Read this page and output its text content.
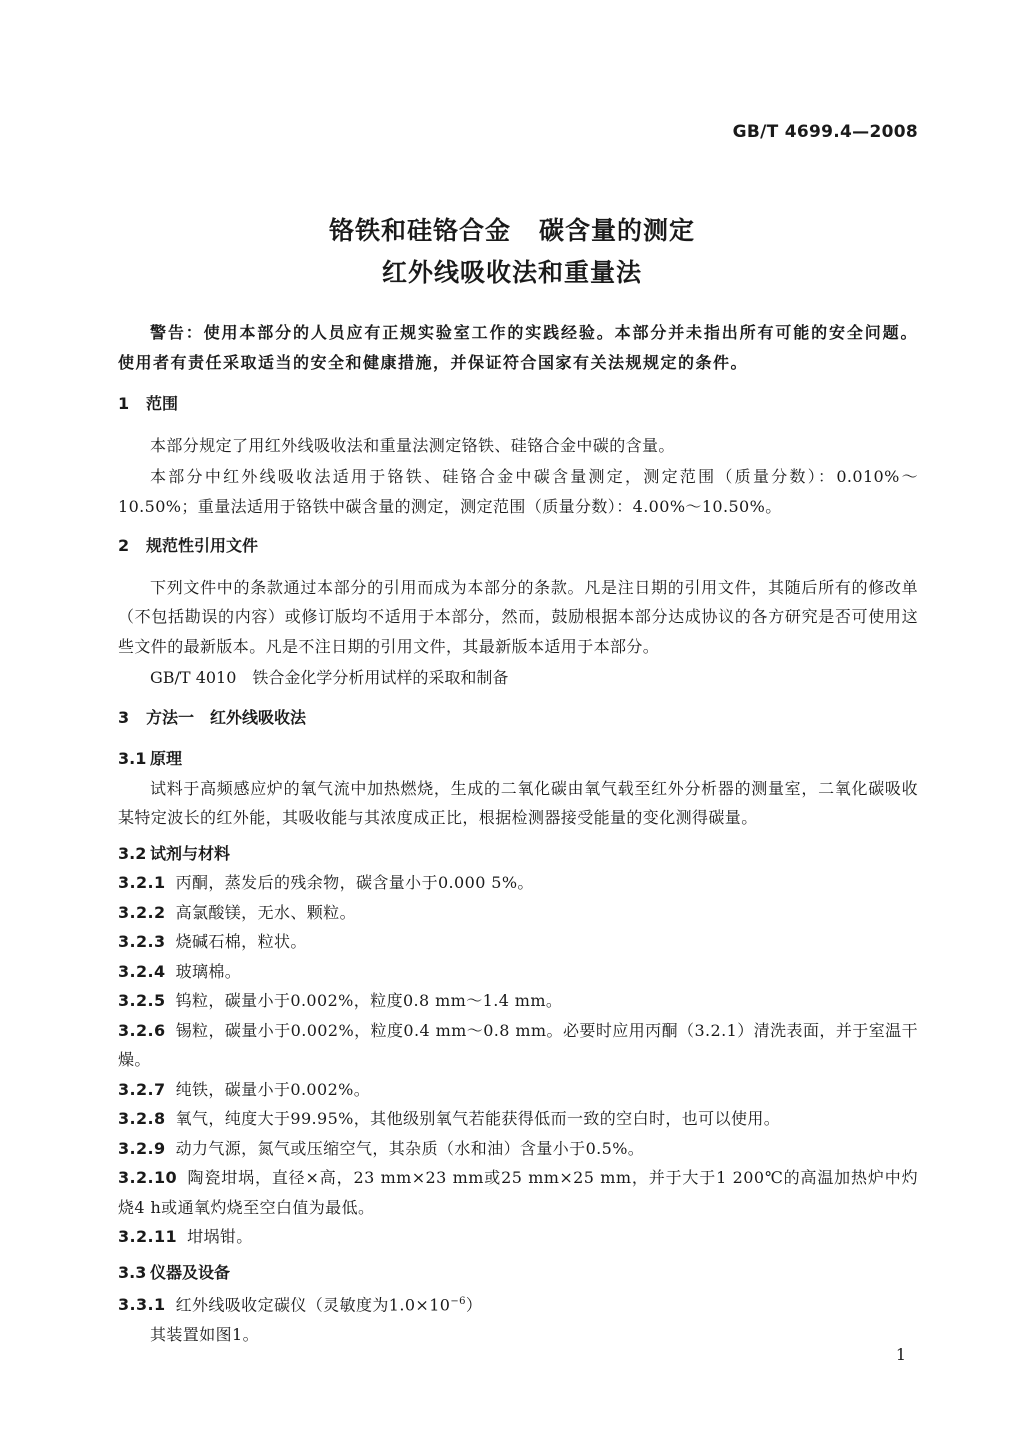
GB/T 4699.4—2008
铬铁和硅铬合金 碳含量的测定
红外线吸收法和重量法

警告：使用本部分的人员应有正规实验室工作的实践经验。本部分并未指出所有可能的安全问题。使用者有责任采取适当的安全和健康措施，并保证符合国家有关法规规定的条件。

1 范围

本部分规定了用红外线吸收法和重量法测定铬铁、硅铬合金中碳的含量。

本部分中红外线吸收法适用于铬铁、硅铬合金中碳含量测定，测定范围（质量分数）：0.010%～10.50%；重量法适用于铬铁中碳含量的测定，测定范围（质量分数）：4.00%～10.50%。

2 规范性引用文件

下列文件中的条款通过本部分的引用而成为本部分的条款。凡是注日期的引用文件，其随后所有的修改单（不包括勘误的内容）或修订版均不适用于本部分，然而，鼓励根据本部分达成协议的各方研究是否可使用这些文件的最新版本。凡是不注日期的引用文件，其最新版本适用于本部分。

GB/T 4010 铁合金化学分析用试样的采取和制备
3 方法一　红外线吸收法
3.1 原理

试料于高频感应炉的氧气流中加热燃烧，生成的二氧化碳由氧气载至红外分析器的测量室，二氧化碳吸收某特定波长的红外能，其吸收能与其浓度成正比，根据检测器接受能量的变化测得碳量。

3.2 试剂与材料

3.2.1 丙酮，蒸发后的残余物，碳含量小于0.000 5%。

3.2.2 高氯酸镁，无水、颗粒。

3.2.3 烧碱石棉，粒状。

3.2.4 玻璃棉。

3.2.5 钨粒，碳量小于0.002%，粒度0.8 mm～1.4 mm。

3.2.6 锡粒，碳量小于0.002%，粒度0.4 mm～0.8 mm。必要时应用丙酮（3.2.1）清洗表面，并于室温干燥。

3.2.7 纯铁，碳量小于0.002%。

3.2.8 氧气，纯度大于99.95%，其他级别氧气若能获得低而一致的空白时，也可以使用。

3.2.9 动力气源，氮气或压缩空气，其杂质（水和油）含量小于0.5%。

3.2.10 陶瓷坩埚，直径×高，23 mm×23 mm或25 mm×25 mm，并于大于1 200℃的高温加热炉中灼烧4 h或通氧灼烧至空白值为最低。

3.2.11 坩埚钳。

3.3 仪器及设备

3.3.1 红外线吸收定碳仪（灵敏度为$1.0\times 10^{-6}$）

其装置如图1。

1
